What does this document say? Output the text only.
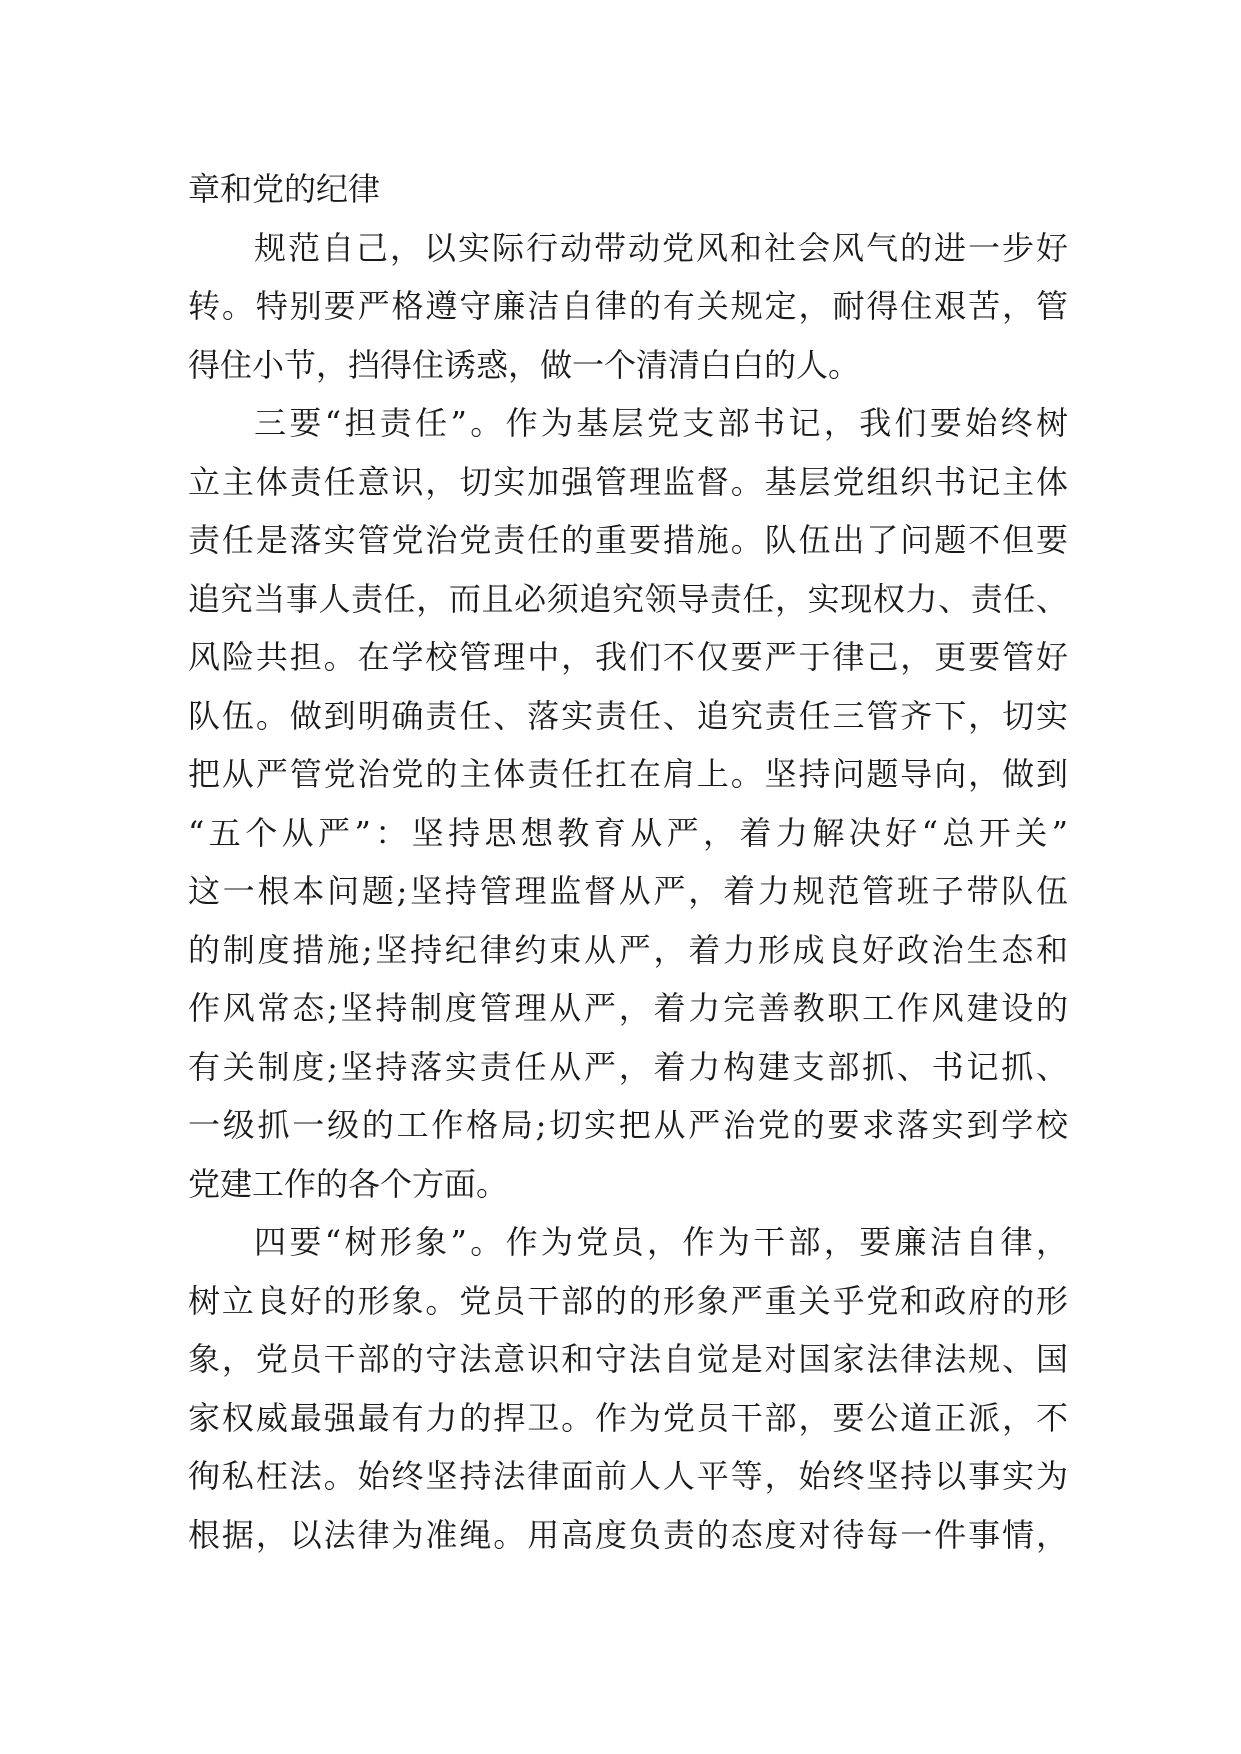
章和党的纪律
规范自己，以实际行动带动党风和社会风气的进一步好
转。特别要严格遵守廉洁自律的有关规定，耐得住艰苦，管
得住小节，挡得住诱惑，做一个清清白白的人。
三要“担责任”。作为基层党支部书记，我们要始终树
立主体责任意识，切实加强管理监督。基层党组织书记主体
责任是落实管党治党责任的重要措施。队伍出了问题不但要
追究当事人责任，而且必须追究领导责任，实现权力、责任、
风险共担。在学校管理中，我们不仅要严于律己，更要管好
队伍。做到明确责任、落实责任、追究责任三管齐下，切实
把从严管党治党的主体责任扛在肩上。坚持问题导向，做到
“五个从严”：坚持思想教育从严，着力解决好“总开关”
这一根本问题;坚持管理监督从严，着力规范管班子带队伍
的制度措施;坚持纪律约束从严，着力形成良好政治生态和
作风常态;坚持制度管理从严，着力完善教职工作风建设的
有关制度;坚持落实责任从严，着力构建支部抓、书记抓、
一级抓一级的工作格局;切实把从严治党的要求落实到学校
党建工作的各个方面。
四要“树形象”。作为党员，作为干部，要廉洁自律，
树立良好的形象。党员干部的的形象严重关乎党和政府的形
象，党员干部的守法意识和守法自觉是对国家法律法规、国
家权威最强最有力的捍卫。作为党员干部，要公道正派，不
徇私枉法。始终坚持法律面前人人平等，始终坚持以事实为
根据，以法律为准绳。用高度负责的态度对待每一件事情，
